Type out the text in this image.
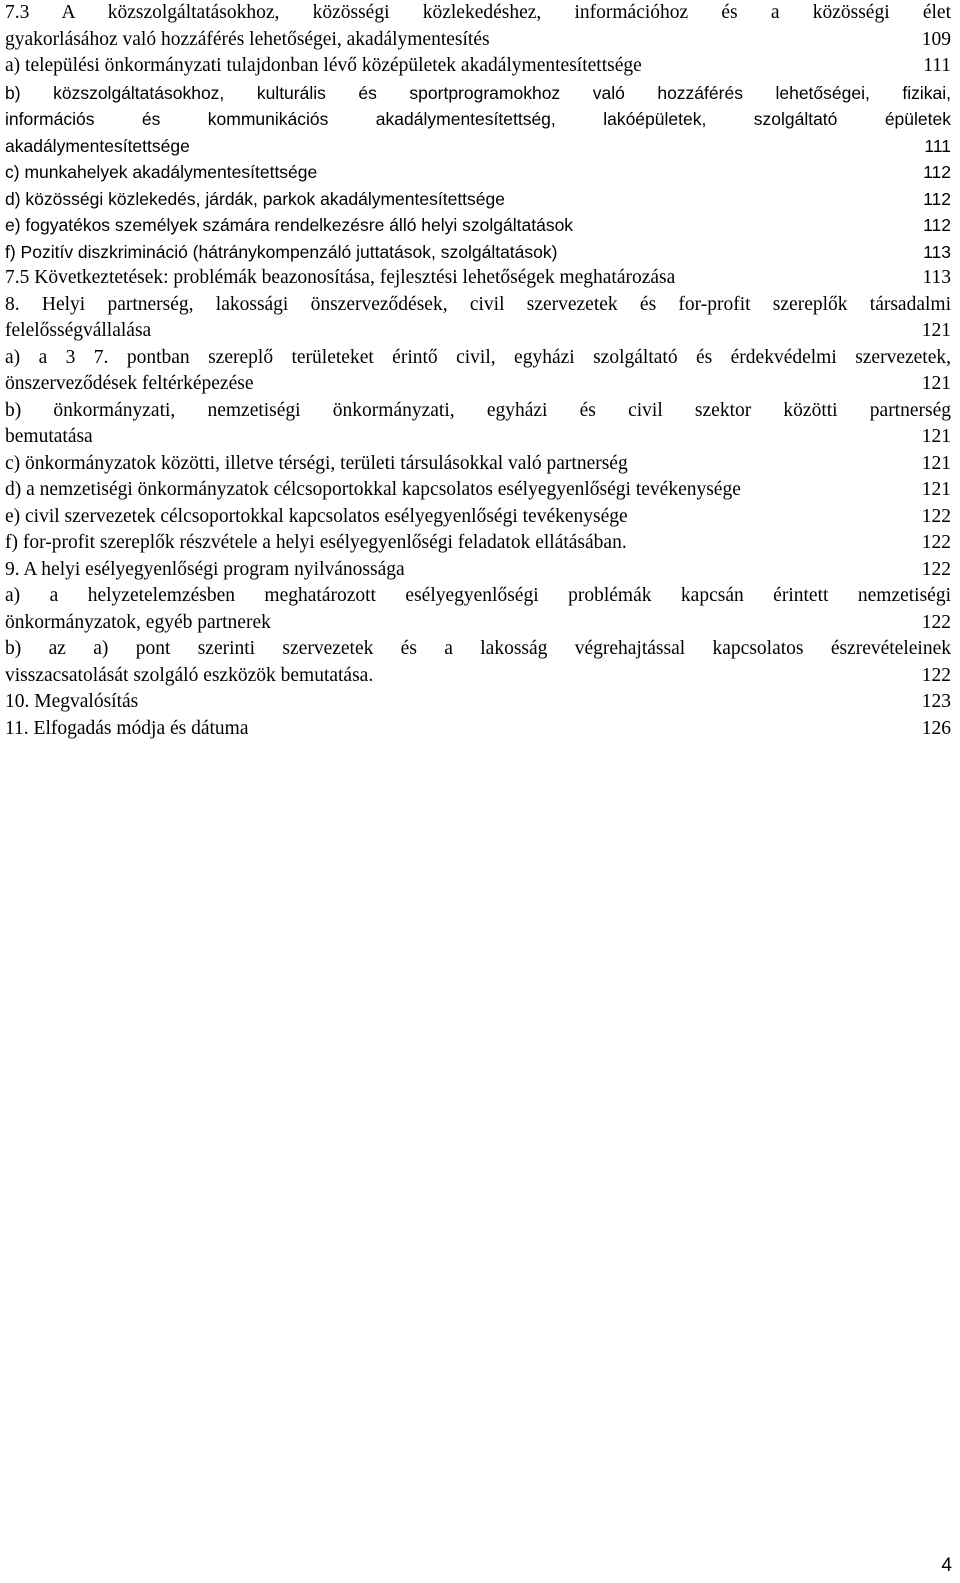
7.3 A közszolgáltatásokhoz, közösségi közlekedéshez, információhoz és a közösségi élet
gyakorlásához való hozzáférés lehetőségei, akadálymentesítés	109
a) települési önkormányzati tulajdonban lévő középületek akadálymentesítettsége	111
b) közszolgáltatásokhoz, kulturális és sportprogramokhoz való hozzáférés lehetőségei, fizikai,
információs és kommunikációs akadálymentesítettség, lakóépületek, szolgáltató épületek
akadálymentesítettsége	111
c) munkahelyek akadálymentesítettsége	112
d) közösségi közlekedés, járdák, parkok akadálymentesítettsége	112
e) fogyatékos személyek számára rendelkezésre álló helyi szolgáltatások	112
f) Pozitív diszkrimináció (hátránykompenzáló juttatások, szolgáltatások)	113
7.5 Következtetések: problémák beazonosítása, fejlesztési lehetőségek meghatározása	113
8. Helyi partnerség, lakossági önszerveződések, civil szervezetek és for-profit szereplők társadalmi
felelősségvállalása	121
a) a 3 7. pontban szereplő területeket érintő civil, egyházi szolgáltató és érdekvédelmi szervezetek,
önszerveződések feltérképezése	121
b) önkormányzati, nemzetiségi önkormányzati, egyházi és civil szektor közötti partnerség
bemutatása	121
c) önkormányzatok közötti, illetve térségi, területi társulásokkal való partnerség	121
d) a nemzetiségi önkormányzatok célcsoportokkal kapcsolatos esélyegyenlőségi tevékenysége	121
e) civil szervezetek célcsoportokkal kapcsolatos esélyegyenlőségi tevékenysége	122
f) for-profit szereplők részvétele a helyi esélyegyenlőségi feladatok ellátásában.	122
9. A helyi esélyegyenlőségi program nyilvánossága	122
a) a helyzetelemzésben meghatározott esélyegyenlőségi problémák kapcsán érintett nemzetiségi
önkormányzatok, egyéb partnerek	122
b) az a) pont szerinti szervezetek és a lakosság végrehajtással kapcsolatos észrevételeinek
visszacsatolását szolgáló eszközök bemutatása.	122
10. Megvalósítás	123
11. Elfogadás módja és dátuma	126
4
